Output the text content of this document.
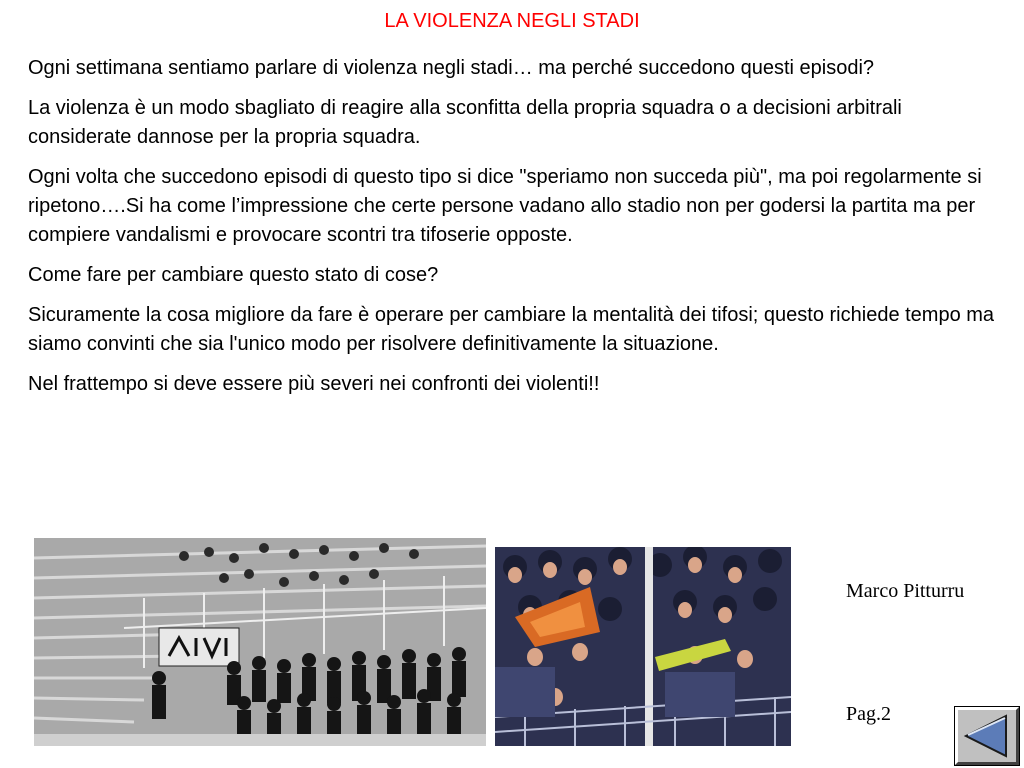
LA VIOLENZA NEGLI STADI

Ogni settimana sentiamo parlare di violenza negli stadi… ma perché succedono questi episodi?

La violenza è un modo sbagliato di reagire alla sconfitta della propria squadra o a decisioni arbitrali considerate dannose per la propria squadra.

Ogni volta che succedono episodi di questo tipo si dice "speriamo non succeda più", ma poi regolarmente si ripetono….Si ha come l’impressione che certe persone vadano allo stadio non per godersi la partita ma per compiere vandalismi e provocare scontri tra tifoserie opposte.

Come fare per cambiare questo stato di cose?

Sicuramente la cosa migliore da fare è operare per cambiare la mentalità dei tifosi; questo richiede tempo ma siamo convinti che sia l'unico modo per risolvere definitivamente la situazione.

Nel frattempo si deve essere più severi nei confronti dei violenti!!

Marco Pitturru
Pag.2
